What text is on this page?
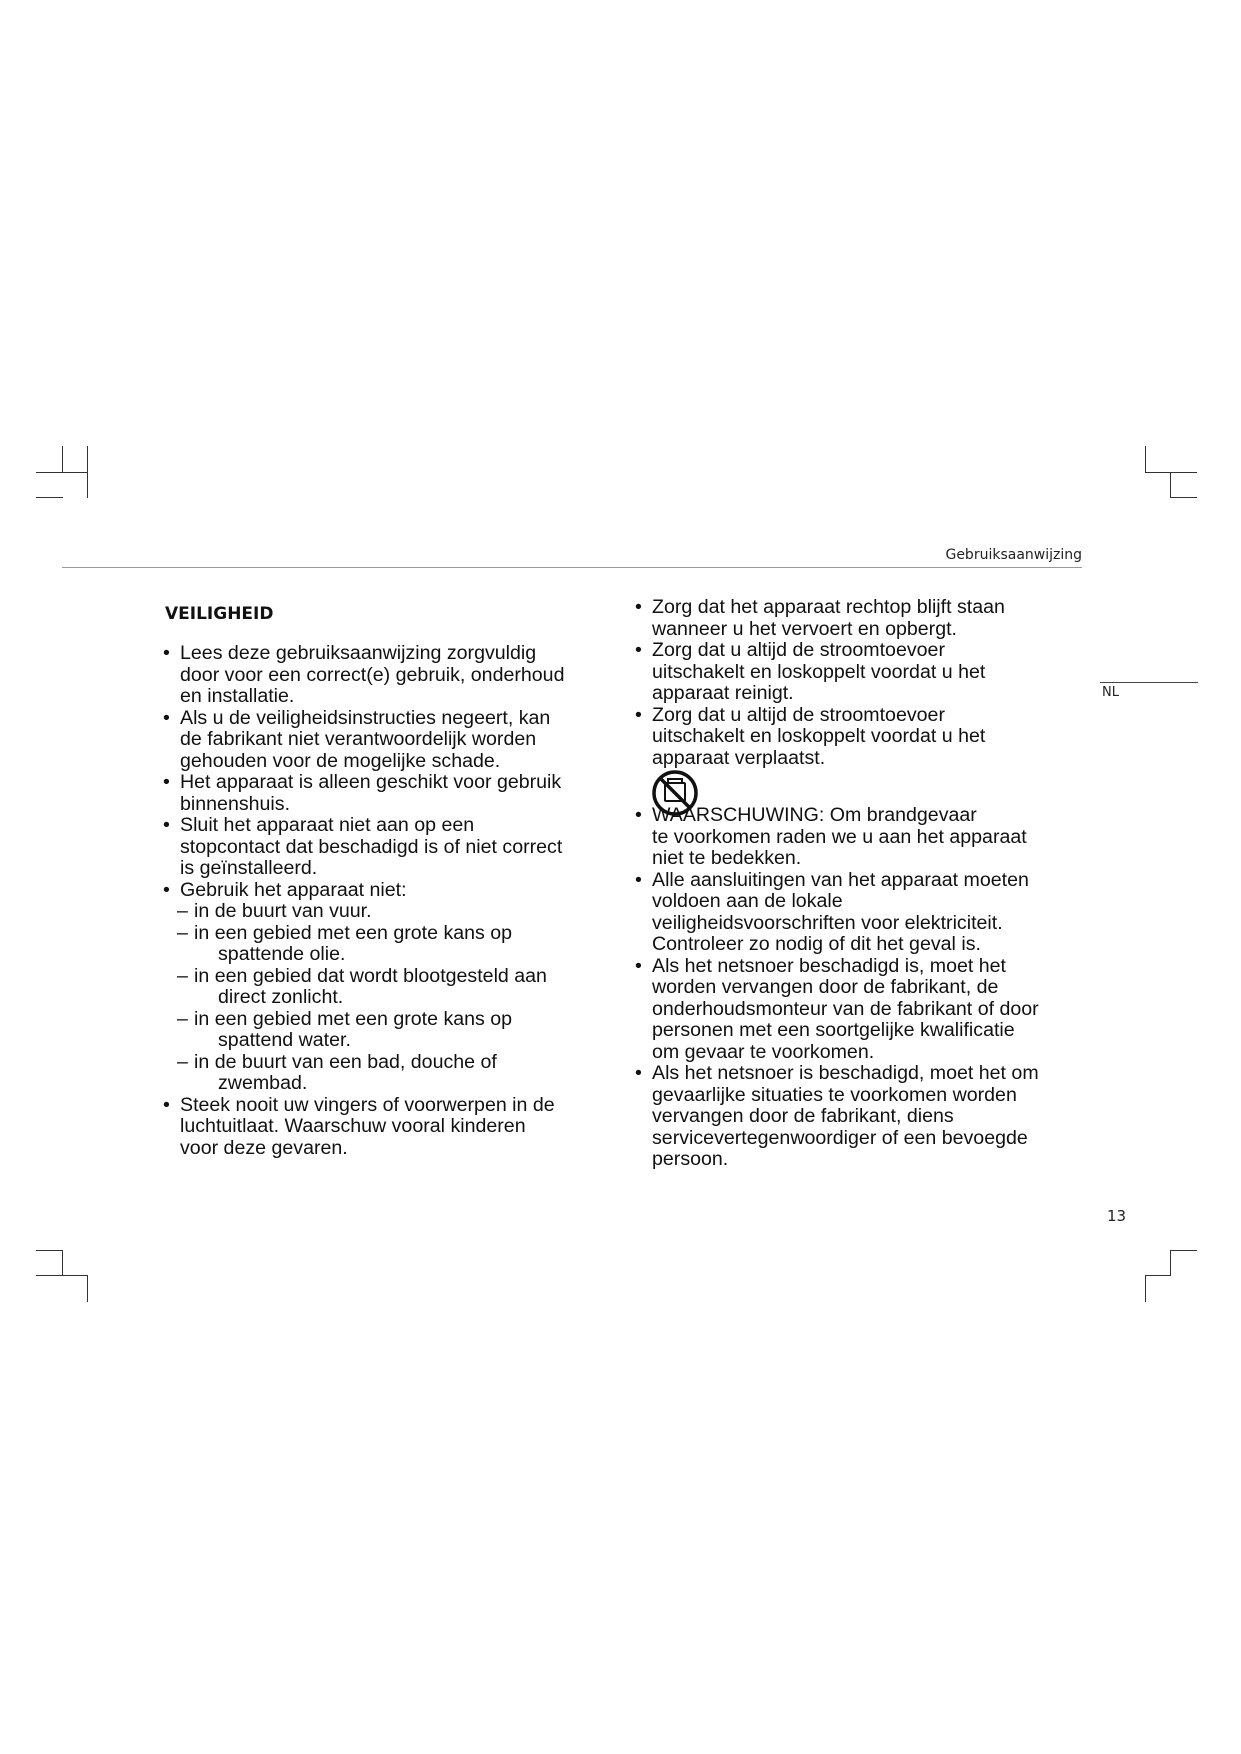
Gebruiksaanwijzing
NL
VEILIGHEID
• Lees deze gebruiksaanwijzing zorgvuldig
door voor een correct(e) gebruik, onderhoud
en installatie.
• Als u de veiligheidsinstructies negeert, kan
de fabrikant niet verantwoordelijk worden
gehouden voor de mogelijke schade.
• Het apparaat is alleen geschikt voor gebruik
binnenshuis.
• Sluit het apparaat niet aan op een
stopcontact dat beschadigd is of niet correct
is geïnstalleerd.
• Gebruik het apparaat niet:
– in de buurt van vuur.
– in een gebied met een grote kans op
spattende olie.
– in een gebied dat wordt blootgesteld aan
direct zonlicht.
– in een gebied met een grote kans op
spattend water.
– in de buurt van een bad, douche of
zwembad.
• Steek nooit uw vingers of voorwerpen in de
luchtuitlaat. Waarschuw vooral kinderen
voor deze gevaren.
• Zorg dat het apparaat rechtop blijft staan
wanneer u het vervoert en opbergt.
• Zorg dat u altijd de stroomtoevoer
uitschakelt en loskoppelt voordat u het
apparaat reinigt.
• Zorg dat u altijd de stroomtoevoer
uitschakelt en loskoppelt voordat u het
apparaat verplaatst.
• WAARSCHUWING: Om brandgevaar
te voorkomen raden we u aan het apparaat
niet te bedekken.
• Alle aansluitingen van het apparaat moeten
voldoen aan de lokale
veiligheidsvoorschriften voor elektriciteit.
Controleer zo nodig of dit het geval is.
• Als het netsnoer beschadigd is, moet het
worden vervangen door de fabrikant, de
onderhoudsmonteur van de fabrikant of door
personen met een soortgelijke kwalificatie
om gevaar te voorkomen.
• Als het netsnoer is beschadigd, moet het om
gevaarlijke situaties te voorkomen worden
vervangen door de fabrikant, diens
servicevertegenwoordiger of een bevoegde
persoon.
13
